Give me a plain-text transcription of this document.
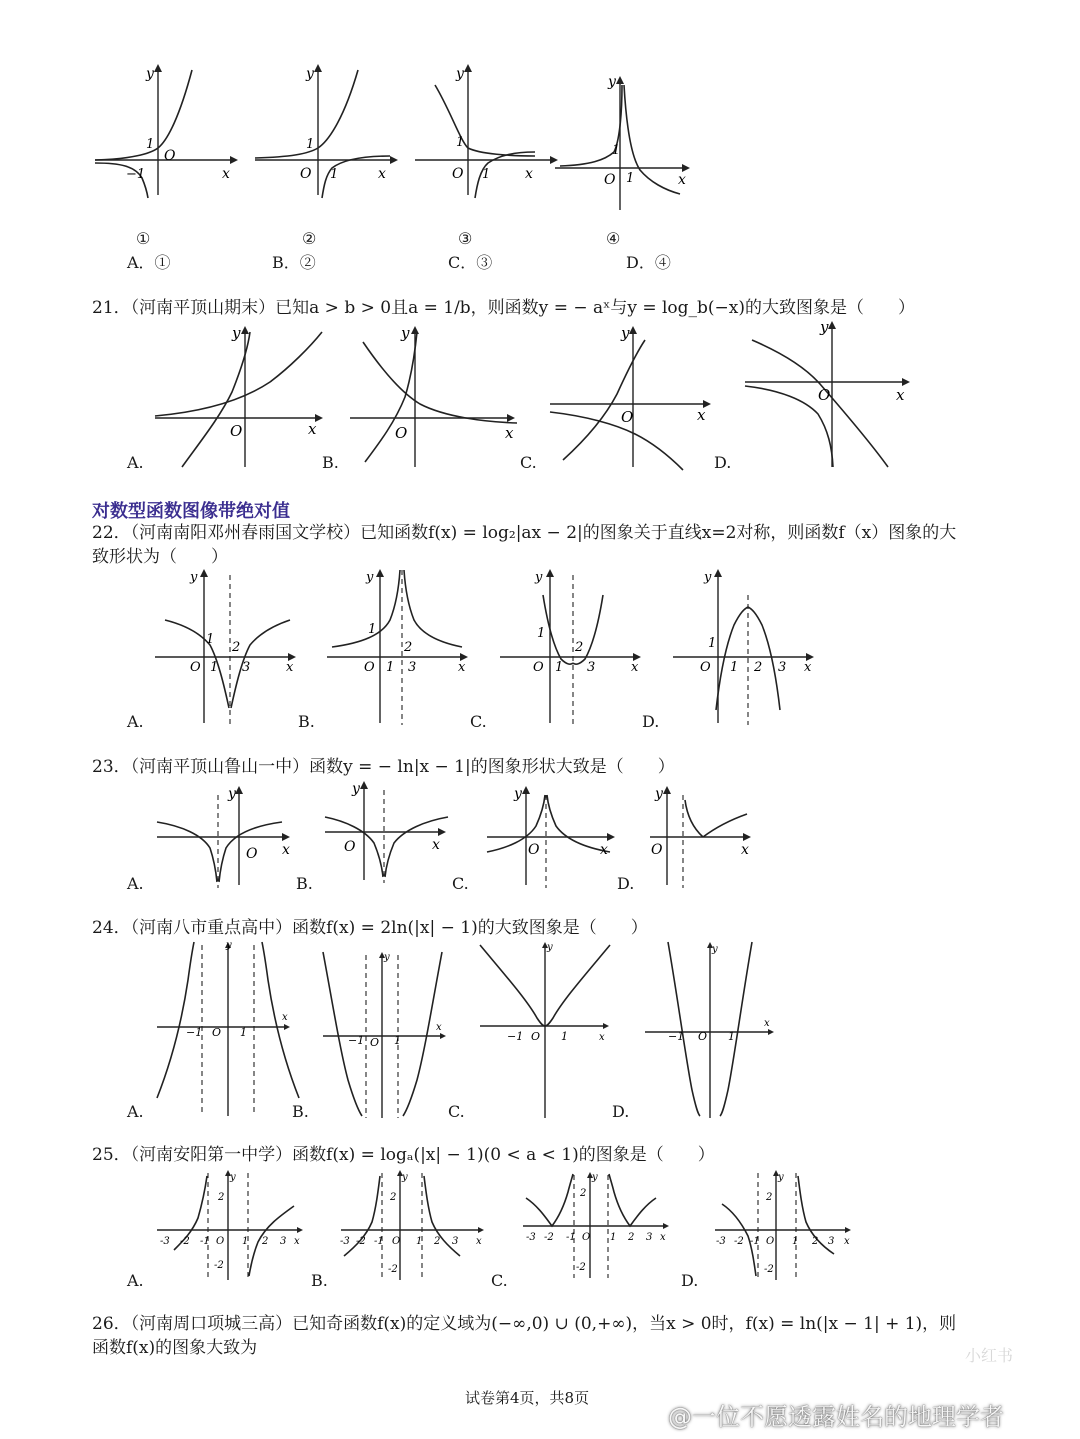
y
x
O
1
−1
y
x
O
1
1
y
x
O
1
1
y
x
O
1
1
①	②	③	④
A．①	B．②	C．③	D．④
21．（河南平顶山期末）已知a > b > 0且a = 1/b，则函数y = − aˣ与y = log_b(−x)的大致图象是（　　）
y
x
O
y
x
O
y
x
O
y
x
O
A.	B.	C.	D.
对数型函数图像带绝对值
22．（河南南阳邓州春雨国文学校）已知函数f(x) = log₂|ax − 2|的图象关于直线x=2对称，则函数f（x）图象的大
致形状为（　　）
y
x
O
1
1
2
3
y
x
O
1
1
2
3
y
x
O
1
1
2
3
y
x
O
1
1 2 3
A.	B.	C.	D.
23．（河南平顶山鲁山一中）函数y = − ln|x − 1|的图象形状大致是（　　）
y
x
O
y
x
O
y
x
O
y
x
O
A.	B.	C.	D.
24．（河南八市重点高中）函数f(x) = 2ln(|x| − 1)的大致图象是（　　）
y
x
−1 O 1
y
x
−1 O 1
y
x
−1 O 1
y
x
−1 O 1
A.	B.	C.	D.
25．（河南安阳第一中学）函数f(x) = logₐ(|x| − 1)(0 < a < 1)的图象是（　　）
y
x
2
-2
-3 -2 -1 O 1 2 3
y
x
2
-2
-3 -2 -1 O 1 2 3
y
x
2
-2
-3 -2 -1 O 1 2 3
y
x
2
-2
-3 -2 -1 O 1 2 3
A.	B.	C.	D.
26．（河南周口项城三高）已知奇函数f(x)的定义域为(−∞,0) ∪ (0,+∞)，当x > 0时，f(x) = ln(|x − 1| + 1)，则
函数f(x)的图象大致为
试卷第4页，共8页
小红书
@一位不愿透露姓名的地理学者
